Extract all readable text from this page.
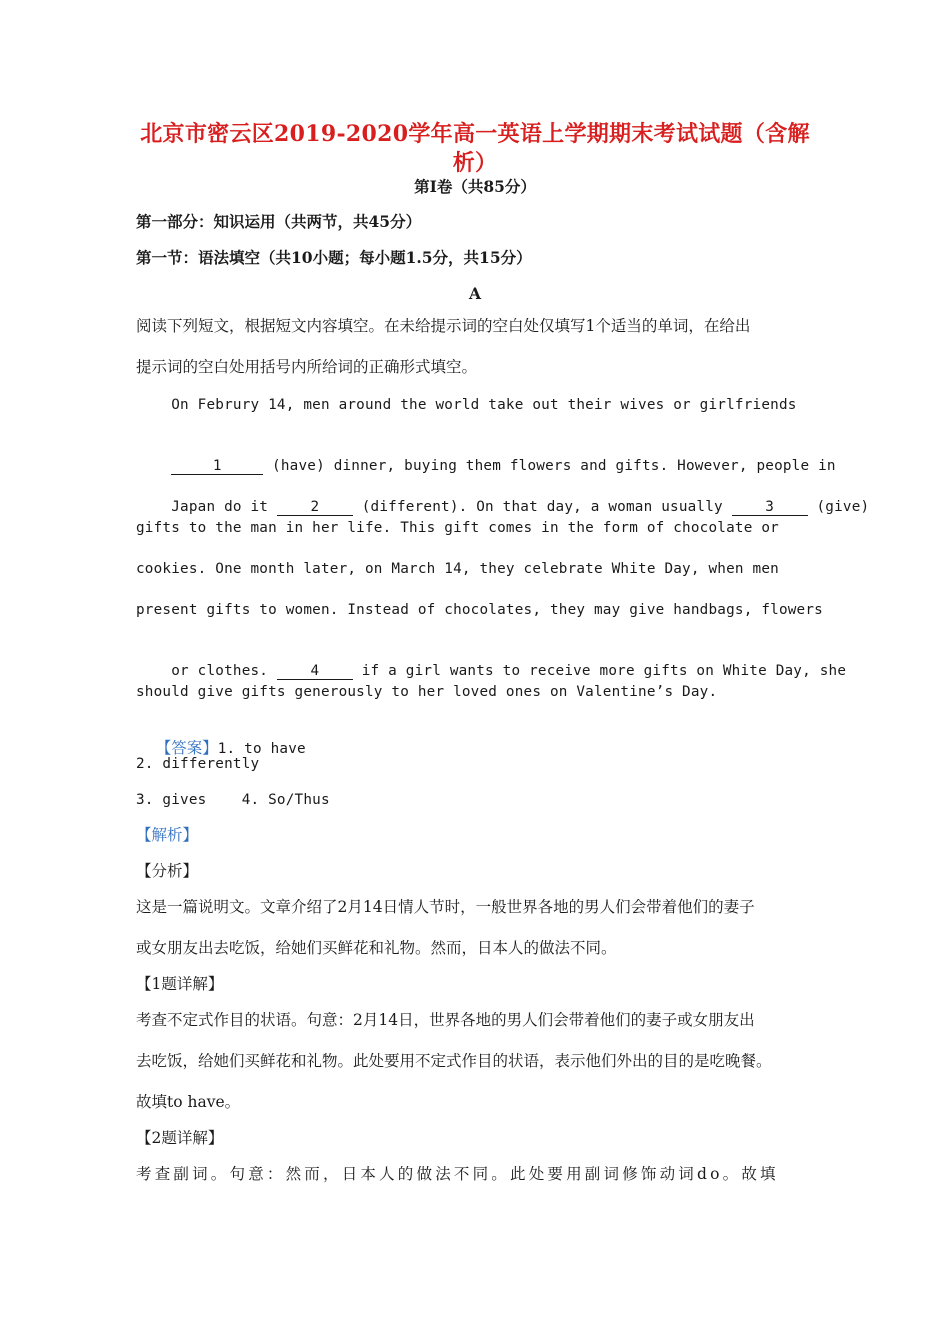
北京市密云区2019-2020学年高一英语上学期期末考试试题（含解
析）
第Ⅰ卷（共85分）
第一部分：知识运用（共两节，共45分）
第一节：语法填空（共10小题；每小题1.5分，共15分）
A
阅读下列短文，根据短文内容填空。在未给提示词的空白处仅填写1个适当的单词，在给出
提示词的空白处用括号内所给词的正确形式填空。
On Februry 14, men around the world take out their wives or girlfriends

1	(have) dinner, buying them flowers and gifts. However, people in

Japan do it 2 (different). On that day, a woman usually 3 (give)

gifts to the man in her life. This gift comes in the form of chocolate or
cookies. One month later, on March 14, they celebrate White Day, when men
present gifts to women. Instead of chocolates, they may give handbags, flowers

or clothes. 4 if a girl wants to receive more gifts on White Day, she

should give gifts generously to her loved ones on Valentine’s Day.

【答案】1. to have

2. differently
3. gives    4. So/Thus
【解析】
【分析】
这是一篇说明文。文章介绍了2月14日情人节时，一般世界各地的男人们会带着他们的妻子
或女朋友出去吃饭，给她们买鲜花和礼物。然而，日本人的做法不同。
【1题详解】
考查不定式作目的状语。句意：2月14日，世界各地的男人们会带着他们的妻子或女朋友出
去吃饭，给她们买鲜花和礼物。此处要用不定式作目的状语，表示他们外出的目的是吃晚餐。
故填to have。
【2题详解】
考查副词。句意：然而，日本人的做法不同。此处要用副词修饰动词do。故填
